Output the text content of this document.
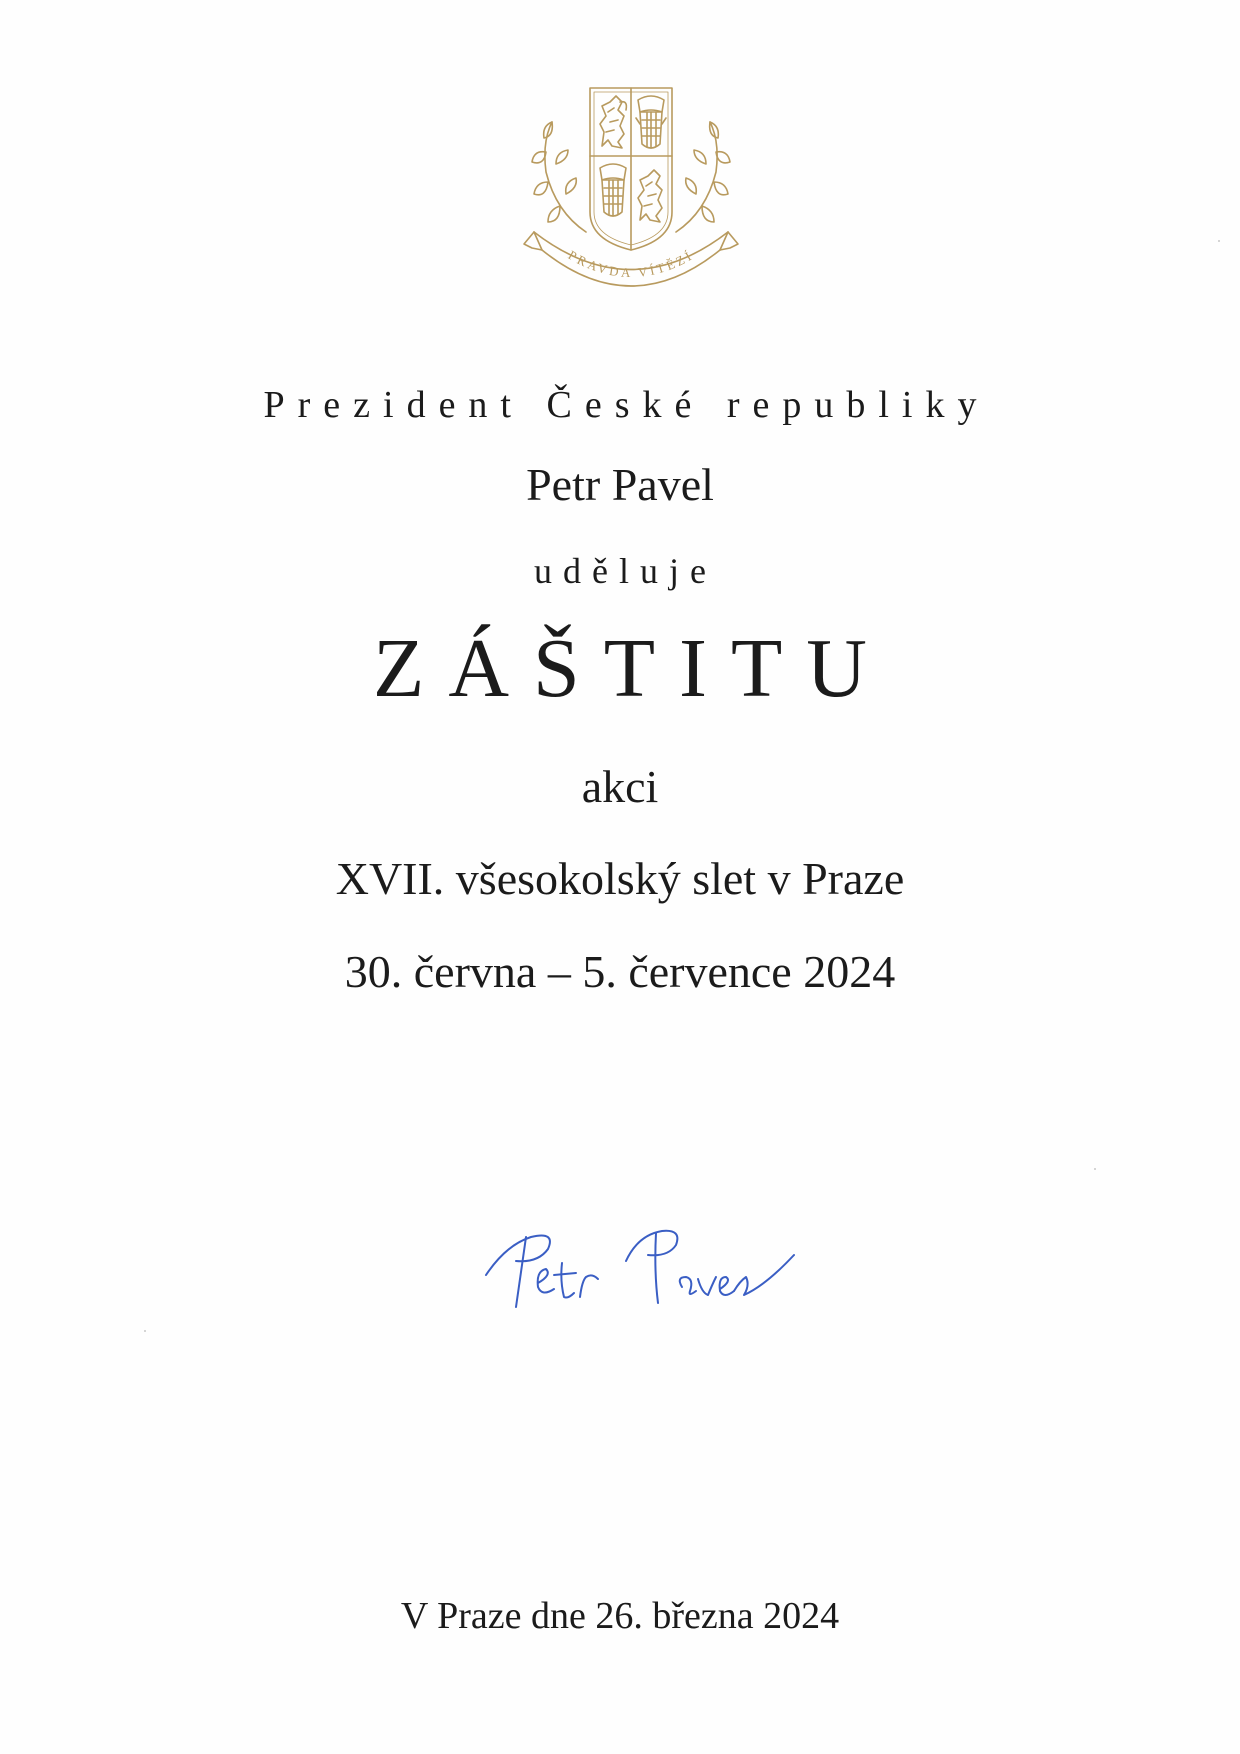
PRAVDA VÍTĚZÍ
Prezident České republiky
Petr Pavel
uděluje
ZÁŠTITU
akci
XVII. všesokolský slet v Praze
30. června – 5. července 2024
V Praze dne 26. března 2024
